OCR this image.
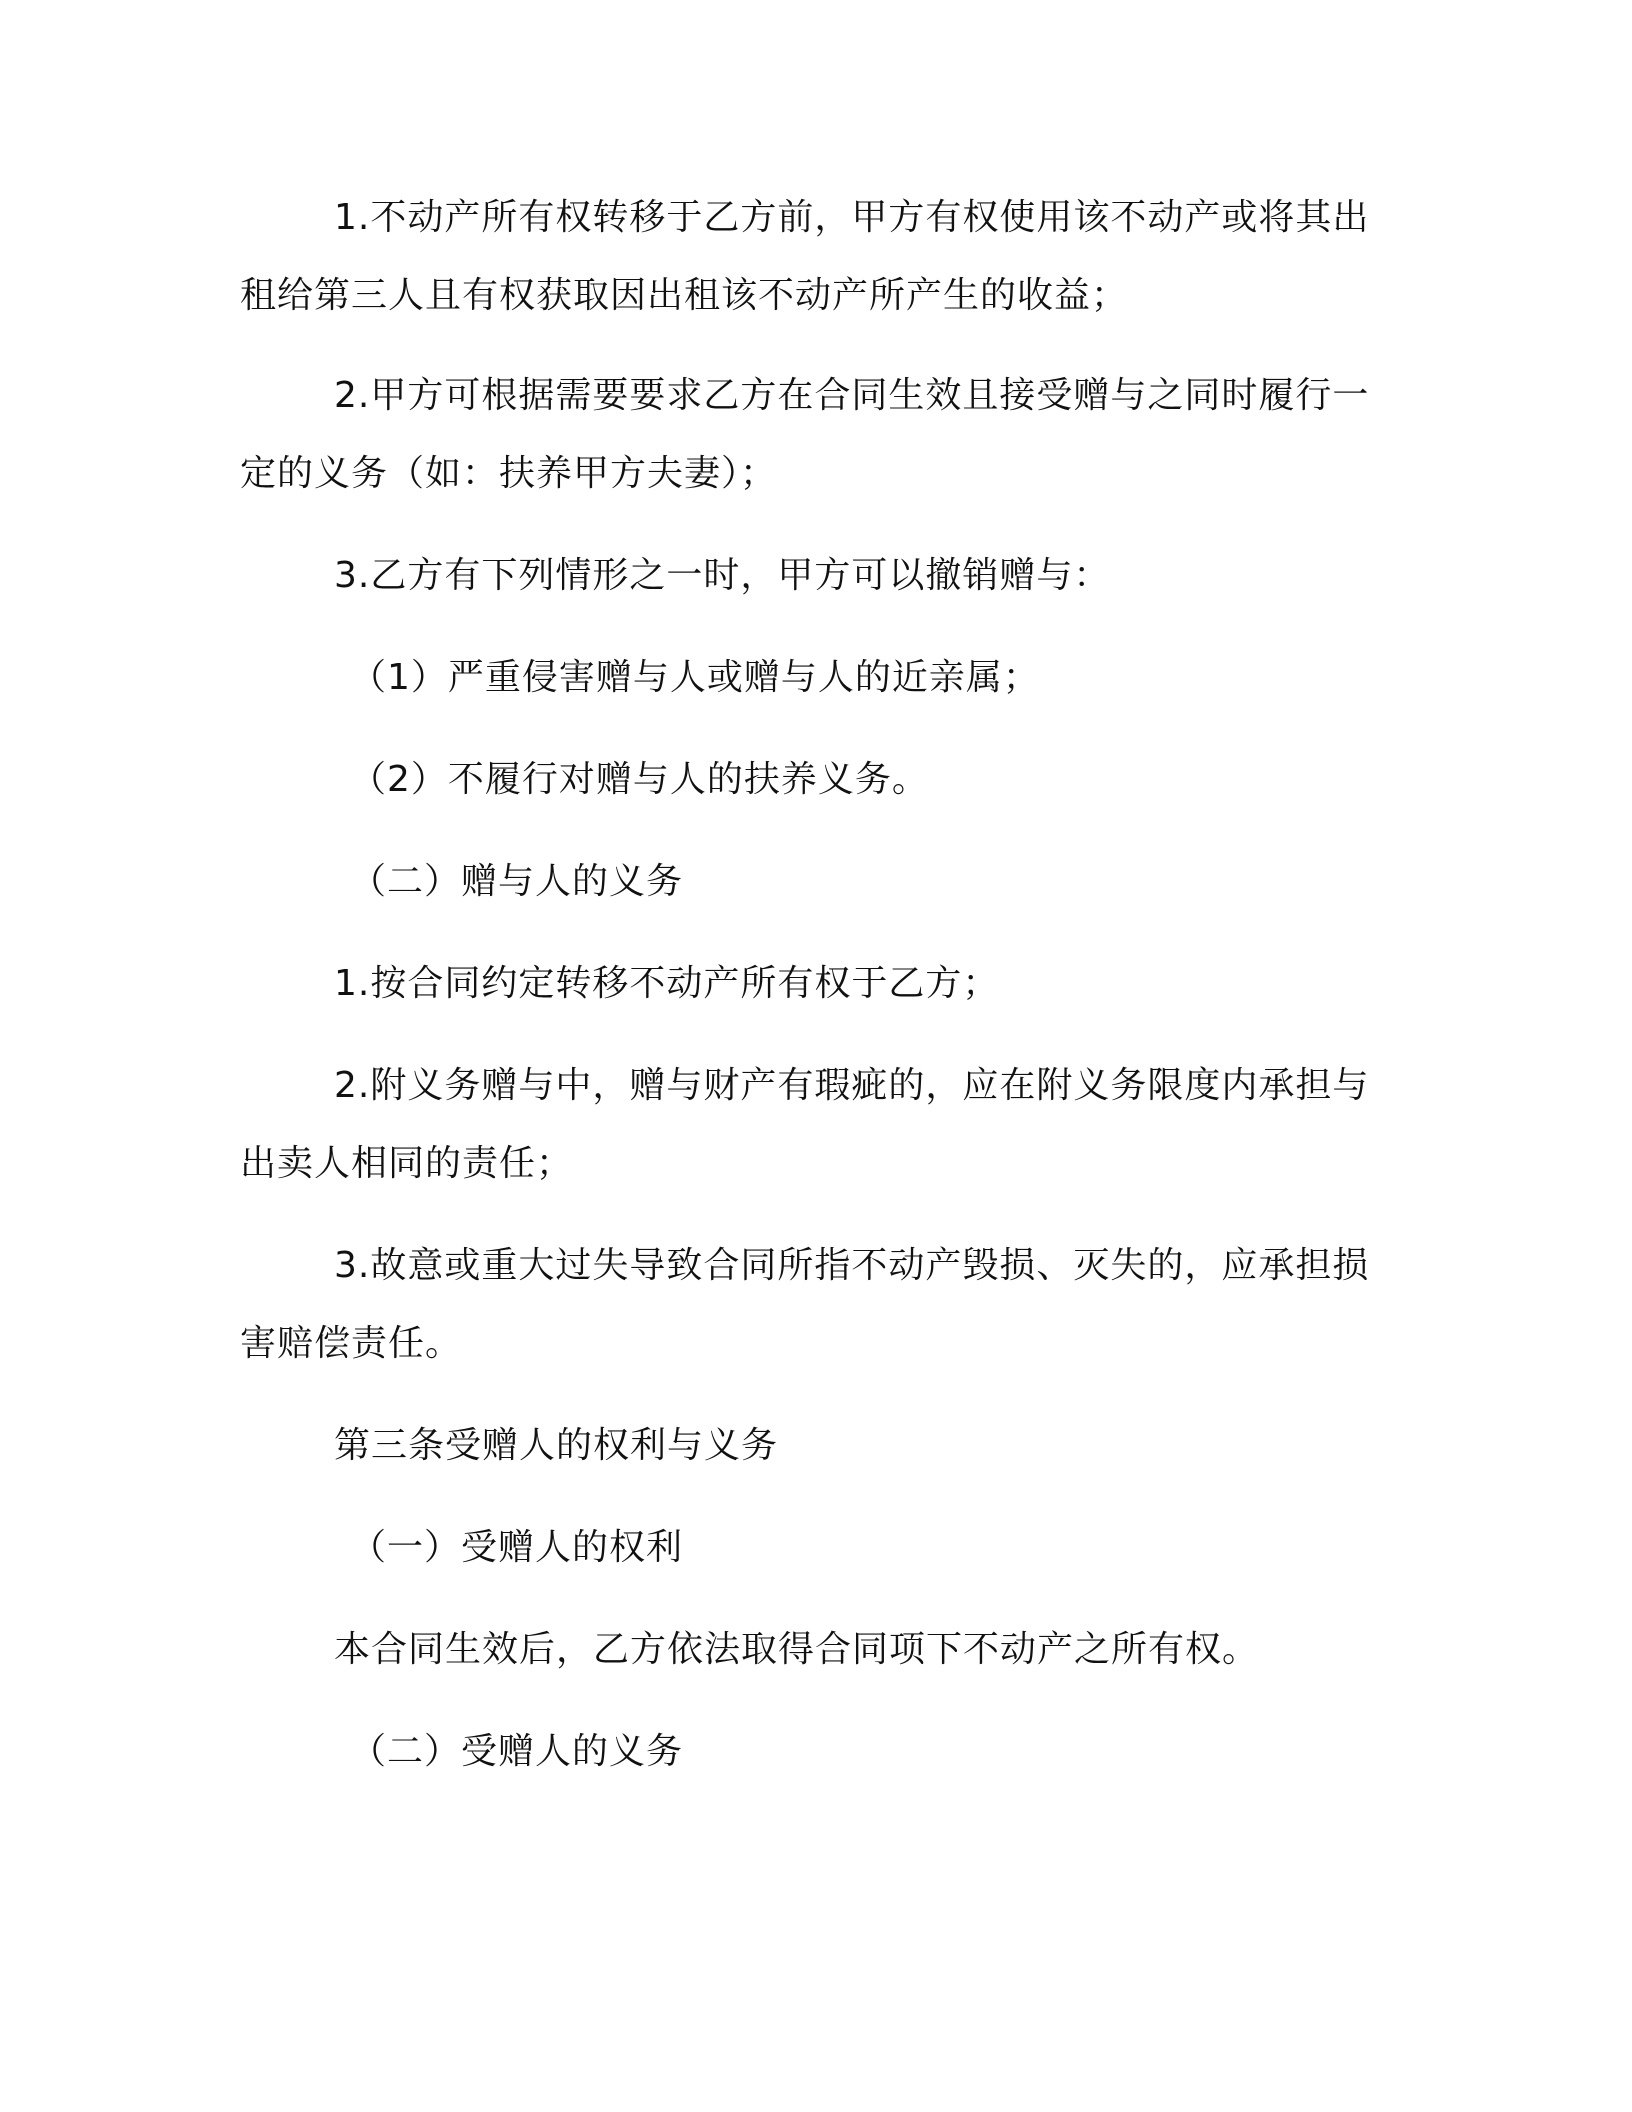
1.不动产所有权转移于乙方前，甲方有权使用该不动产或将其出
租给第三人且有权获取因出租该不动产所产生的收益；
2.甲方可根据需要要求乙方在合同生效且接受赠与之同时履行一
定的义务（如：扶养甲方夫妻）；
3.乙方有下列情形之一时，甲方可以撤销赠与：
（1）严重侵害赠与人或赠与人的近亲属；
（2）不履行对赠与人的扶养义务。
（二）赠与人的义务
1.按合同约定转移不动产所有权于乙方；
2.附义务赠与中，赠与财产有瑕疵的，应在附义务限度内承担与
出卖人相同的责任；
3.故意或重大过失导致合同所指不动产毁损、灭失的，应承担损
害赔偿责任。
第三条受赠人的权利与义务
（一）受赠人的权利
本合同生效后，乙方依法取得合同项下不动产之所有权。
（二）受赠人的义务
